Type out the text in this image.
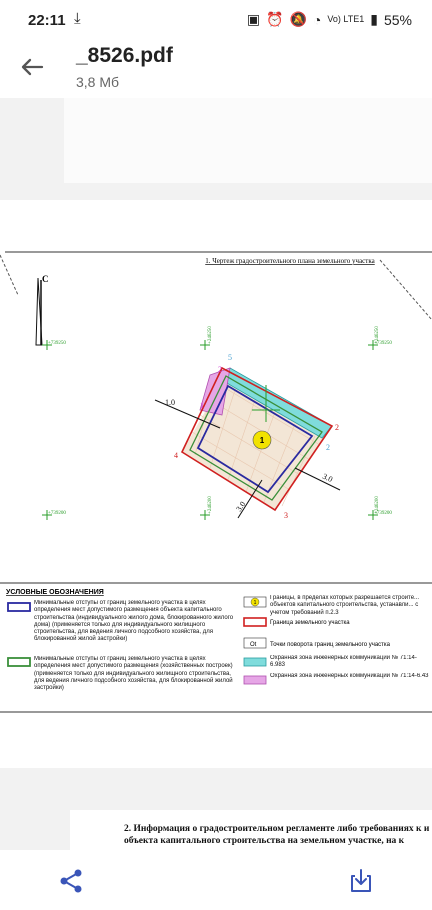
22:11 ⤓	▣ ⏰ 🔕 ◔ Vo) LTE1 ▮ 55%
_8526.pdf
3,8 Мб
1. Чертеж градостроительного плана земельного участка
С
+739250	+739250
+739200	+739200
+246250	+246250
+246200	+246200
1
1.0
3.0
3.0
2
5
2
2
3
4
1
УСЛОВНЫЕ ОБОЗНАЧЕНИЯ
Минимальные отступы от границ земельного участка в целях определения мест допустимого размещения объекта капитального строительства (индивидуального жилого дома, блокированного жилого дома) (применяется только для индивидуального жилищного строительства, для ведения личного подсобного хозяйства, для блокированной жилой застройки)
Минимальные отступы от границ земельного участка в целях определения мест допустимого размещения (хозяйственных построек) (применяется только для индивидуального жилищного строительства, для ведения личного подсобного хозяйства, для блокированной жилой застройки)
1
Границы, в пределах которых разрешается строите... объектов капитального строительства, устанавли... с учетом требований п.2.3
Граница земельного участка
Ot Точки поворота границ земельного участка
Охранная зона инженерных коммуникаций № 71:14-6.983
Охранная зона инженерных коммуникаций № 71:14-6.43
2. Информация о градостроительном регламенте либо требованиях к и
объекта капитального строительства на земельном участке, на к
